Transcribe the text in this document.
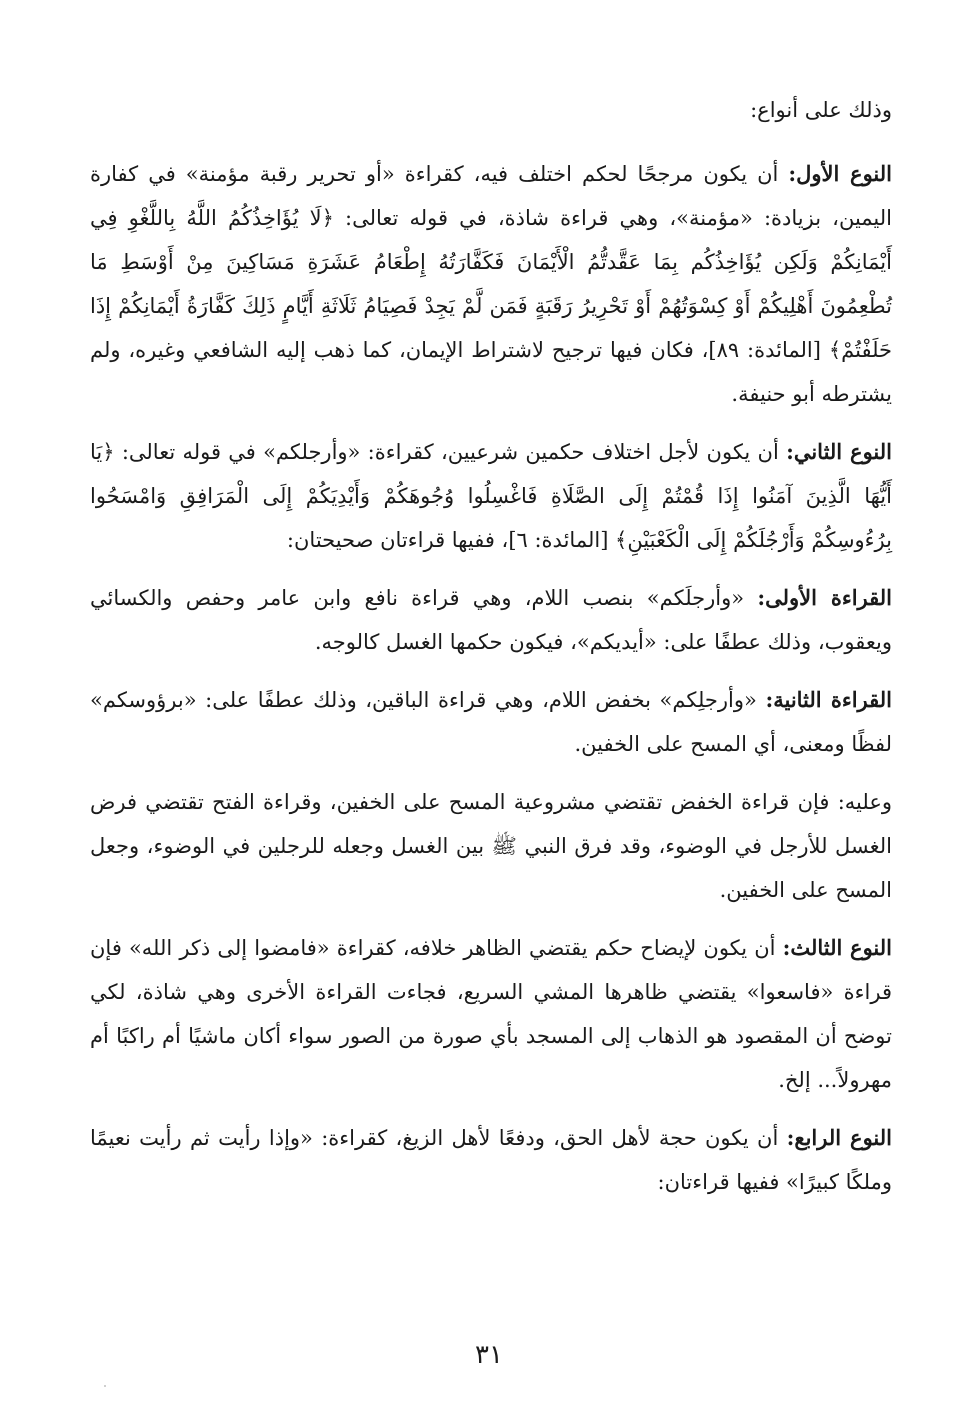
وذلك على أنواع:

النوع الأول: أن يكون مرجحًا لحكم اختلف فيه، كقراءة «أو تحرير رقبة مؤمنة» في كفارة اليمين، بزيادة: «مؤمنة»، وهي قراءة شاذة، في قوله تعالى: ﴿لَا يُؤَاخِذُكُمُ اللَّهُ بِاللَّغْوِ فِي أَيْمَانِكُمْ وَلَكِن يُؤَاخِذُكُم بِمَا عَقَّدتُّمُ الْأَيْمَانَ فَكَفَّارَتُهُ إِطْعَامُ عَشَرَةِ مَسَاكِينَ مِنْ أَوْسَطِ مَا تُطْعِمُونَ أَهْلِيكُمْ أَوْ كِسْوَتُهُمْ أَوْ تَحْرِيرُ رَقَبَةٍ فَمَن لَّمْ يَجِدْ فَصِيَامُ ثَلَاثَةِ أَيَّامٍ ذَلِكَ كَفَّارَةُ أَيْمَانِكُمْ إِذَا حَلَفْتُمْ﴾ [المائدة: ٨٩]، فكان فيها ترجيح لاشتراط الإيمان، كما ذهب إليه الشافعي وغيره، ولم يشترطه أبو حنيفة.

النوع الثاني: أن يكون لأجل اختلاف حكمين شرعيين، كقراءة: «وأرجلكم» في قوله تعالى: ﴿يَا أَيُّهَا الَّذِينَ آمَنُوا إِذَا قُمْتُمْ إِلَى الصَّلَاةِ فَاغْسِلُوا وُجُوهَكُمْ وَأَيْدِيَكُمْ إِلَى الْمَرَافِقِ وَامْسَحُوا بِرُءُوسِكُمْ وَأَرْجُلَكُمْ إِلَى الْكَعْبَيْنِ﴾ [المائدة: ٦]، ففيها قراءتان صحيحتان:

القراءة الأولى: «وأرجلَكم» بنصب اللام، وهي قراءة نافع وابن عامر وحفص والكسائي ويعقوب، وذلك عطفًا على: «أيديكم»، فيكون حكمها الغسل كالوجه.

القراءة الثانية: «وأرجلِكم» بخفض اللام، وهي قراءة الباقين، وذلك عطفًا على: «برؤوسكم» لفظًا ومعنى، أي المسح على الخفين.

وعليه: فإن قراءة الخفض تقتضي مشروعية المسح على الخفين، وقراءة الفتح تقتضي فرض الغسل للأرجل في الوضوء، وقد فرق النبي ﷺ بين الغسل وجعله للرجلين في الوضوء، وجعل المسح على الخفين.

النوع الثالث: أن يكون لإيضاح حكم يقتضي الظاهر خلافه، كقراءة «فامضوا إلى ذكر الله» فإن قراءة «فاسعوا» يقتضي ظاهرها المشي السريع، فجاءت القراءة الأخرى وهي شاذة، لكي توضح أن المقصود هو الذهاب إلى المسجد بأي صورة من الصور سواء أكان ماشيًا أم راكبًا أم مهرولاً... إلخ.

النوع الرابع: أن يكون حجة لأهل الحق، ودفعًا لأهل الزيغ، كقراءة: «وإذا رأيت ثم رأيت نعيمًا وملكًا كبيرًا» ففيها قراءتان:

٣١
